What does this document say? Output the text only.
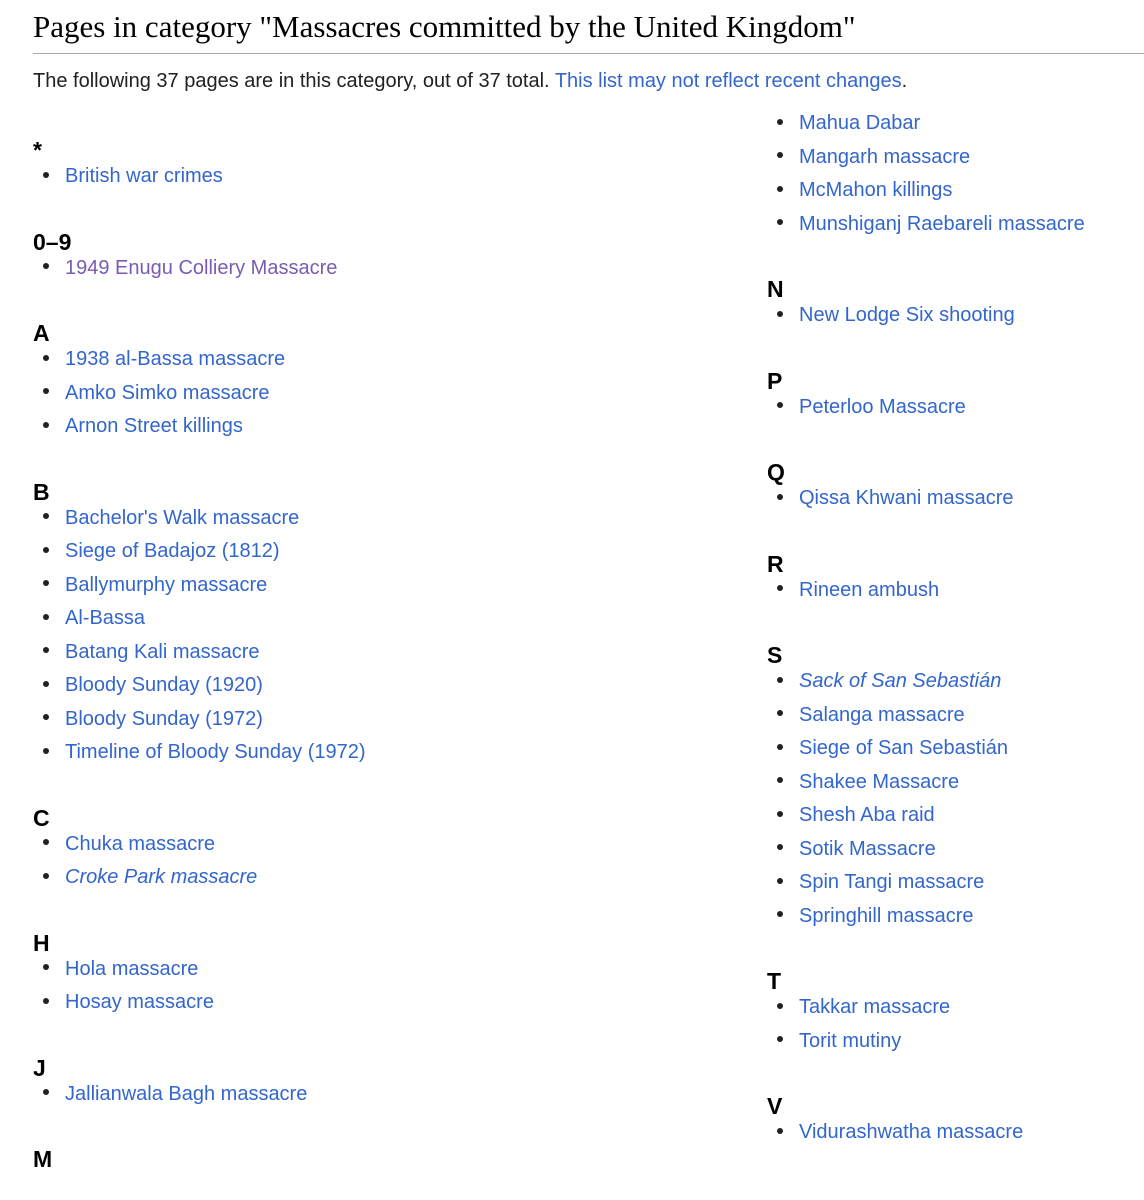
Pages in category "Massacres committed by the United Kingdom"

The following 37 pages are in this category, out of 37 total. This list may not reflect recent changes.

*
British war crimes
0–9
1949 Enugu Colliery Massacre
A
1938 al-Bassa massacre
Amko Simko massacre
Arnon Street killings
B
Bachelor's Walk massacre
Siege of Badajoz (1812)
Ballymurphy massacre
Al-Bassa
Batang Kali massacre
Bloody Sunday (1920)
Bloody Sunday (1972)
Timeline of Bloody Sunday (1972)
C
Chuka massacre
Croke Park massacre
H
Hola massacre
Hosay massacre
J
Jallianwala Bagh massacre
M
Mahua Dabar
Mangarh massacre
McMahon killings
Munshiganj Raebareli massacre
N
New Lodge Six shooting
P
Peterloo Massacre
Q
Qissa Khwani massacre
R
Rineen ambush
S
Sack of San Sebastián
Salanga massacre
Siege of San Sebastián
Shakee Massacre
Shesh Aba raid
Sotik Massacre
Spin Tangi massacre
Springhill massacre
T
Takkar massacre
Torit mutiny
V
Vidurashwatha massacre
